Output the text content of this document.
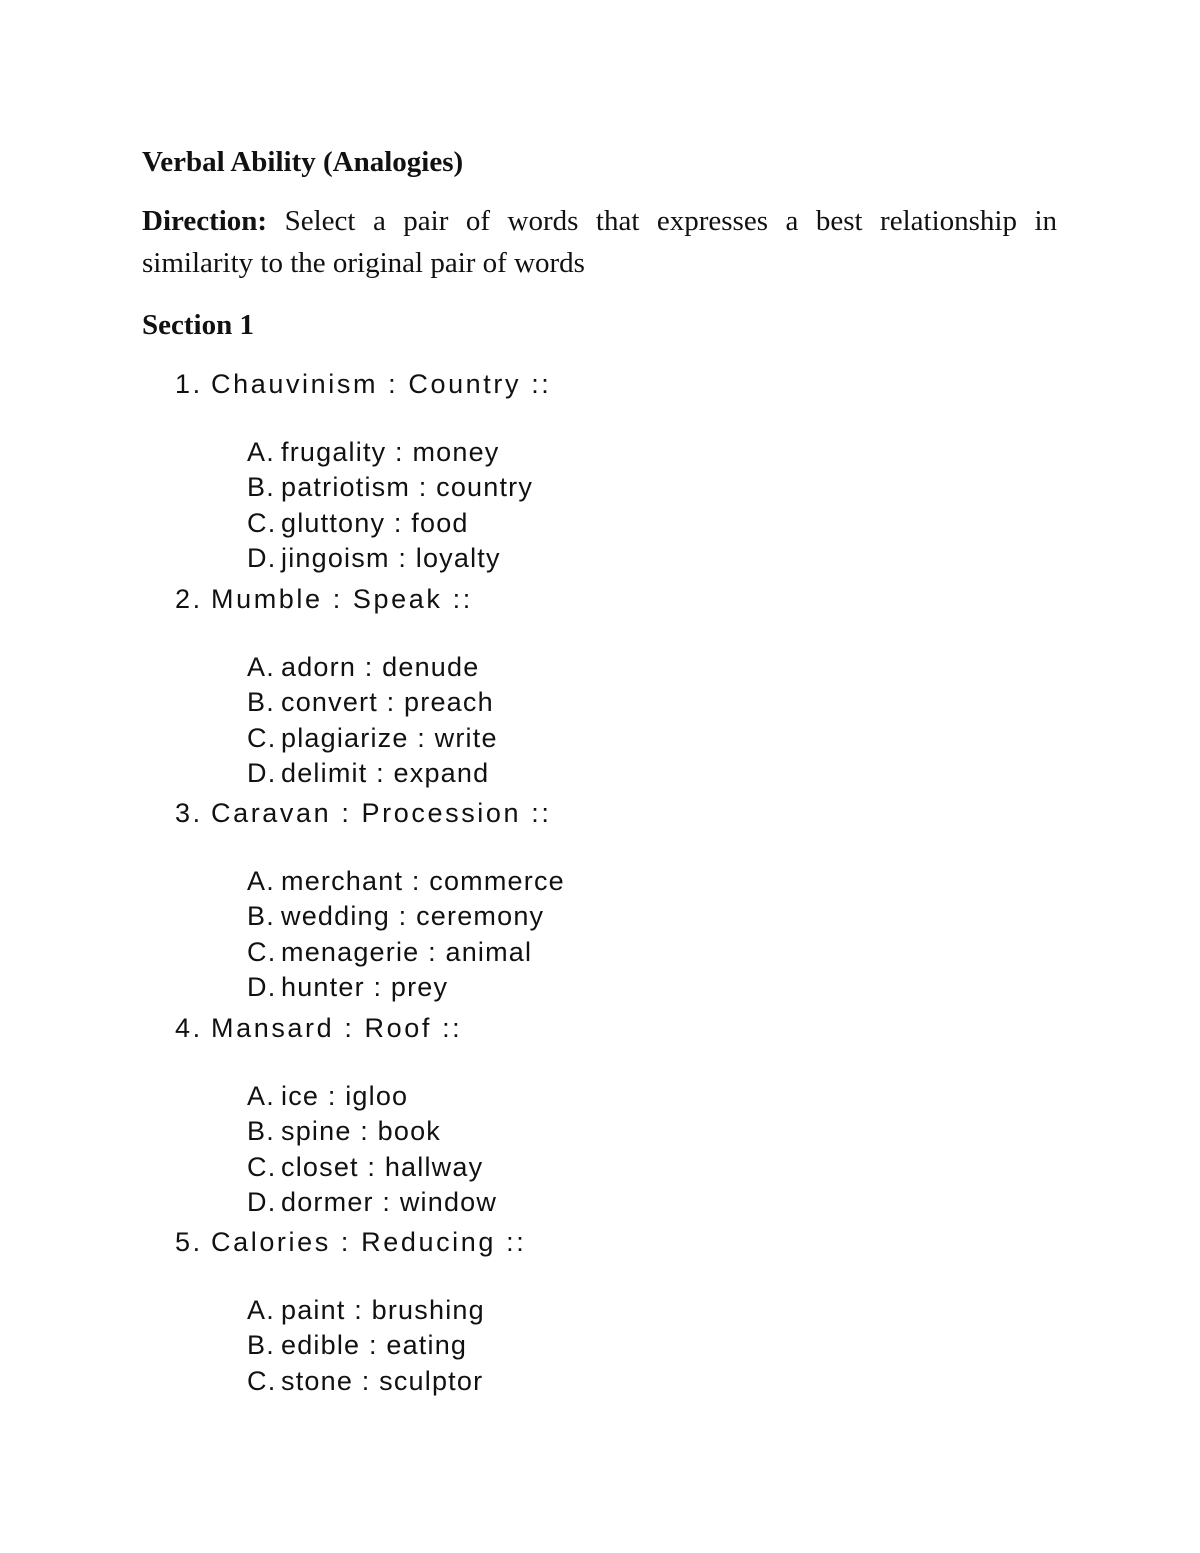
Verbal Ability (Analogies)

Direction: Select a pair of words that expresses a best relationship in similarity to the original pair of words

Section 1
1. Chauvinism : Country ::
A. frugality : money
B. patriotism : country
C. gluttony : food
D. jingoism : loyalty
2. Mumble : Speak ::
A. adorn : denude
B. convert : preach
C. plagiarize : write
D. delimit : expand
3. Caravan : Procession ::
A. merchant : commerce
B. wedding : ceremony
C. menagerie : animal
D. hunter : prey
4. Mansard : Roof ::
A. ice : igloo
B. spine : book
C. closet : hallway
D. dormer : window
5. Calories : Reducing ::
A. paint : brushing
B. edible : eating
C. stone : sculptor
